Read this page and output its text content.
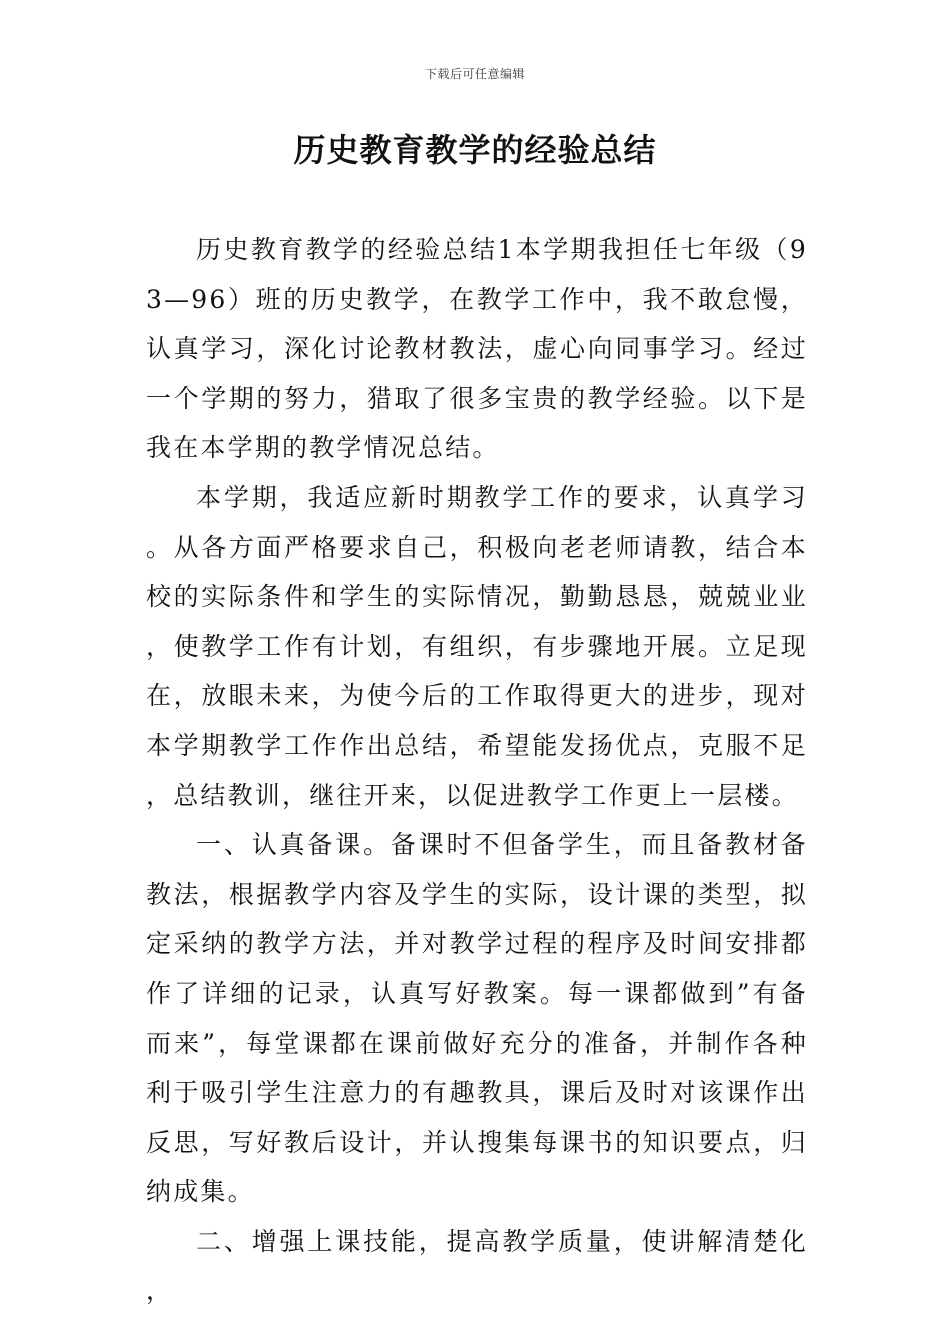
下载后可任意编辑
历史教育教学的经验总结

历史教育教学的经验总结1本学期我担任七年级（93—96）班的历史教学，在教学工作中，我不敢怠慢，认真学习，深化讨论教材教法，虚心向同事学习。经过一个学期的努力，猎取了很多宝贵的教学经验。以下是我在本学期的教学情况总结。

本学期，我适应新时期教学工作的要求，认真学习。从各方面严格要求自己，积极向老老师请教，结合本校的实际条件和学生的实际情况，勤勤恳恳，兢兢业业，使教学工作有计划，有组织，有步骤地开展。立足现在，放眼未来，为使今后的工作取得更大的进步，现对本学期教学工作作出总结，希望能发扬优点，克服不足，总结教训，继往开来，以促进教学工作更上一层楼。

一、认真备课。备课时不但备学生，而且备教材备教法，根据教学内容及学生的实际，设计课的类型，拟定采纳的教学方法，并对教学过程的程序及时间安排都作了详细的记录，认真写好教案。每一课都做到”有备而来”，每堂课都在课前做好充分的准备，并制作各种利于吸引学生注意力的有趣教具，课后及时对该课作出反思，写好教后设计，并认搜集每课书的知识要点，归纳成集。

二、增强上课技能，提高教学质量，使讲解清楚化，
